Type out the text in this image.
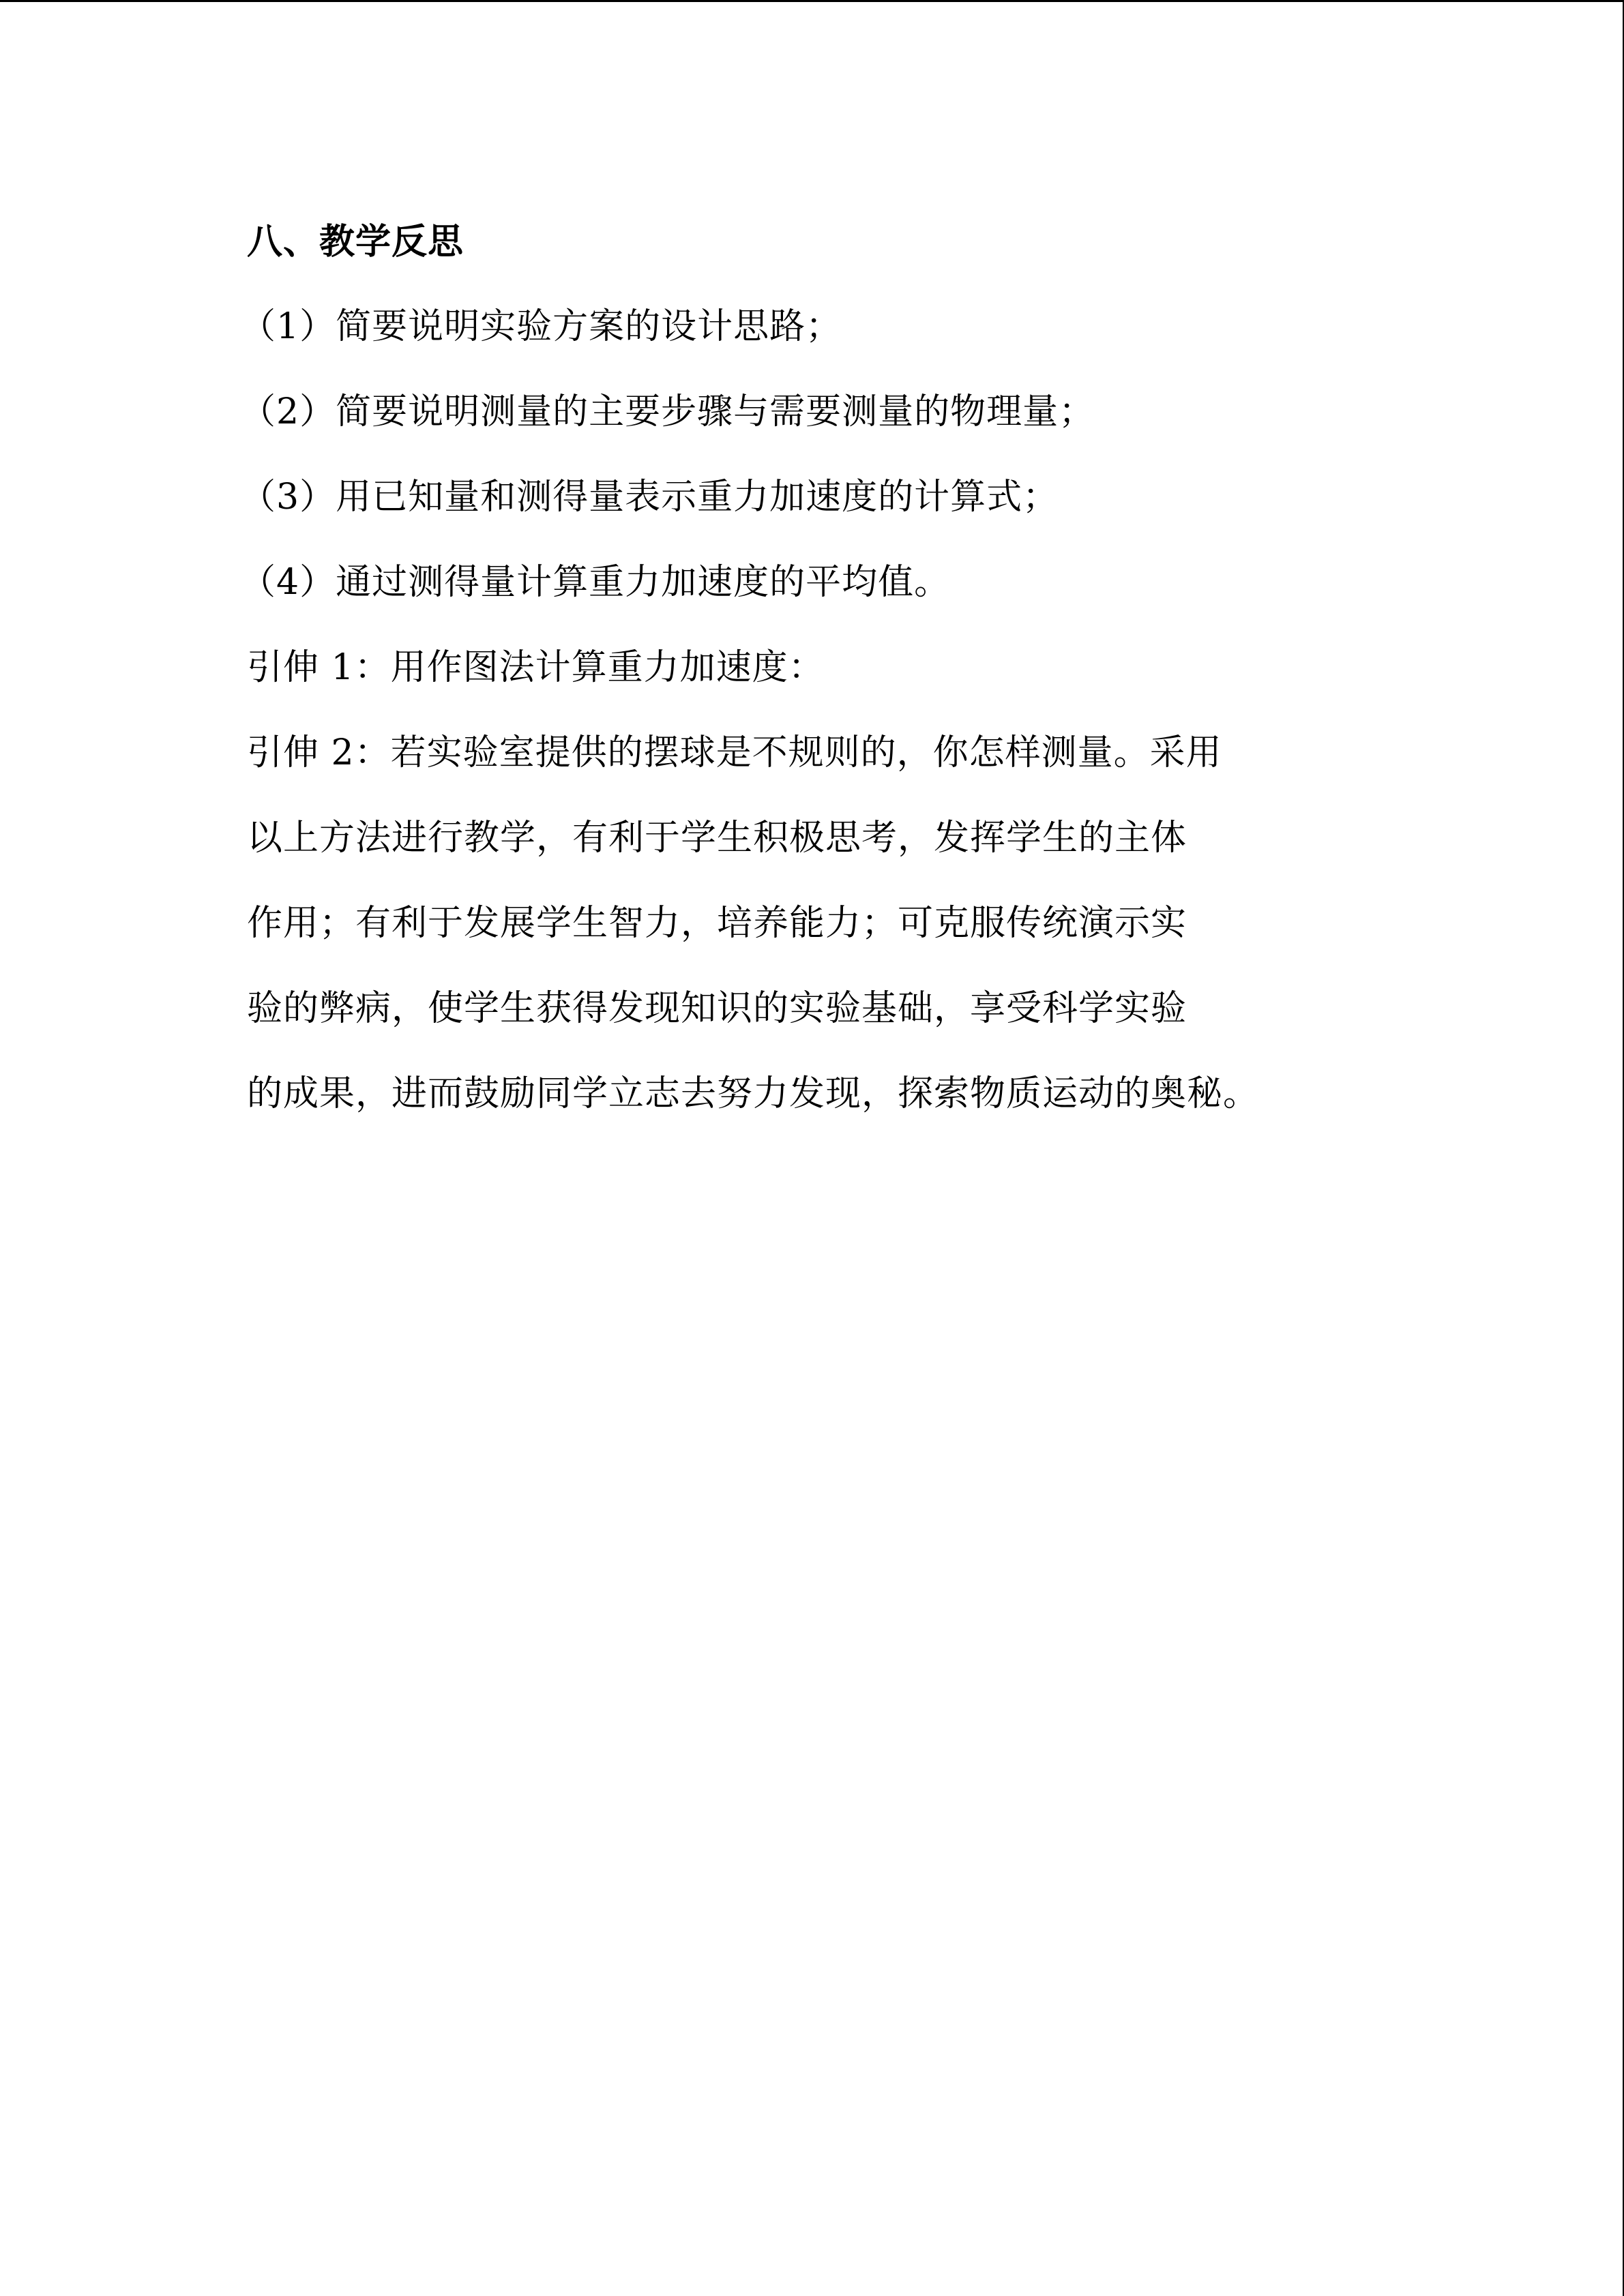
八、教学反思
（1）简要说明实验方案的设计思路；
（2）简要说明测量的主要步骤与需要测量的物理量；
（3）用已知量和测得量表示重力加速度的计算式；
（4）通过测得量计算重力加速度的平均值。
引伸 1：用作图法计算重力加速度：
引伸 2：若实验室提供的摆球是不规则的，你怎样测量。采用
以上方法进行教学，有利于学生积极思考，发挥学生的主体
作用；有利于发展学生智力，培养能力；可克服传统演示实
验的弊病，使学生获得发现知识的实验基础，享受科学实验
的成果，进而鼓励同学立志去努力发现，探索物质运动的奥秘。
